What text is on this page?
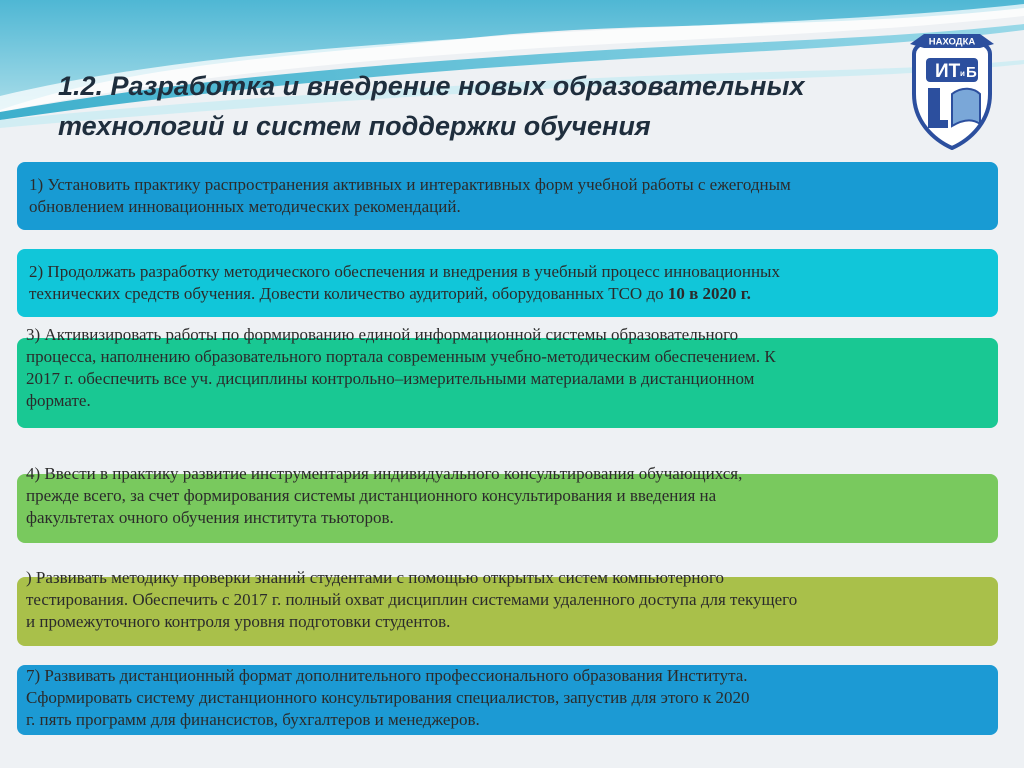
1.2. Разработка и внедрение новых образовательных
технологий и систем поддержки обучения
НАХОДКА
ИТ и Б
1) Установить практику распространения активных и интерактивных форм учебной работы с ежегодным
обновлением инновационных методических рекомендаций.
2) Продолжать разработку методического обеспечения и внедрения в учебный процесс инновационных
технических средств обучения. Довести количество аудиторий, оборудованных ТСО до 10 в 2020 г.
3) Активизировать работы по формированию единой информационной системы образовательного
процесса, наполнению образовательного портала современным учебно-методическим обеспечением. К
2017 г. обеспечить все уч. дисциплины контрольно–измерительными материалами в дистанционном
формате.
4) Ввести в практику развитие инструментария индивидуального консультирования обучающихся,
прежде всего, за счет формирования системы дистанционного консультирования и введения на
факультетах очного обучения института тьюторов.
) Развивать методику проверки знаний студентами с помощью открытых систем компьютерного
тестирования. Обеспечить с 2017 г. полный охват дисциплин системами удаленного доступа для текущего
и промежуточного контроля уровня подготовки студентов.
7) Развивать дистанционный формат дополнительного профессионального образования Института.
Сформировать систему дистанционного консультирования специалистов, запустив для этого к 2020
г. пять программ для финансистов, бухгалтеров и менеджеров.
